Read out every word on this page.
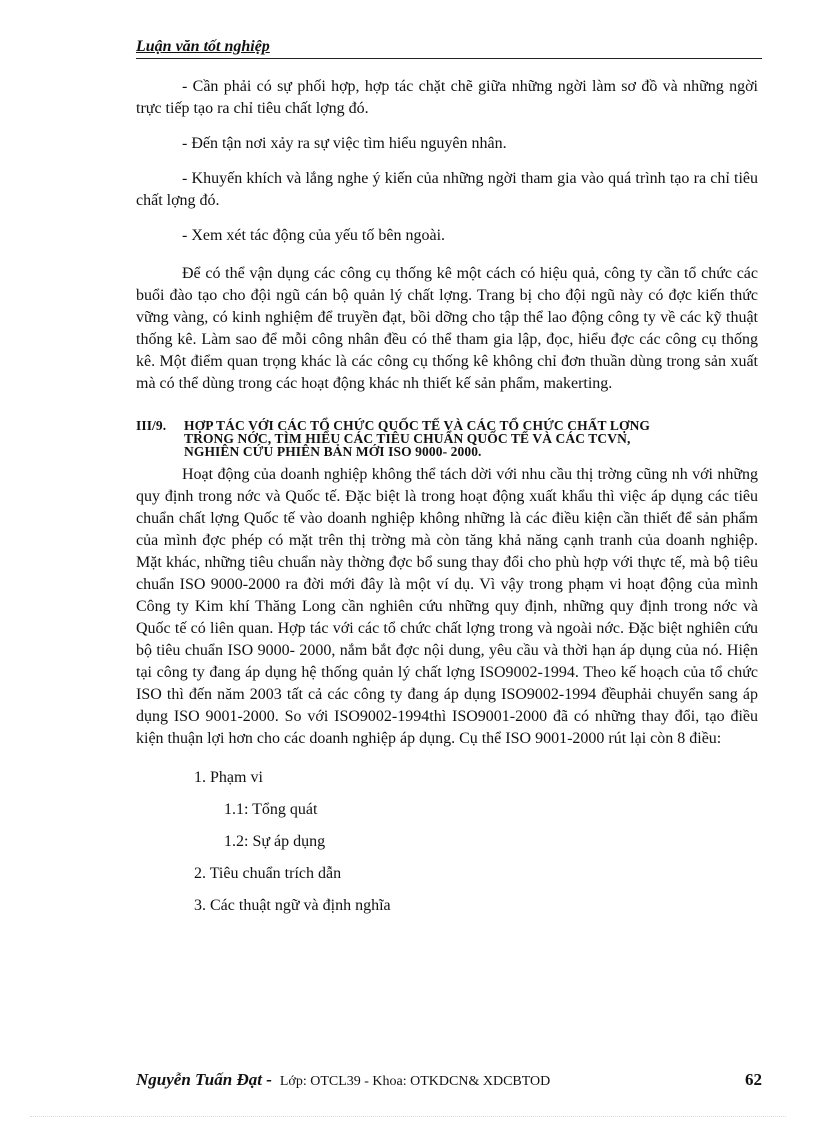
Luận văn tốt nghiệp

- Cần phải có sự phối hợp, hợp tác chặt chẽ giữa những ngời làm sơ đồ và những ngời trực tiếp tạo ra chỉ tiêu chất lợng đó.

- Đến tận nơi xảy ra sự việc tìm hiểu nguyên nhân.

- Khuyến khích và lắng nghe ý kiến của những ngời tham gia vào quá trình tạo ra chỉ tiêu chất lợng đó.

- Xem xét tác động của yếu tố bên ngoài.

Để có thể vận dụng các công cụ thống kê một cách có hiệu quả, công ty cần tổ chức các buổi đào tạo cho đội ngũ cán bộ quản lý chất lợng. Trang bị cho đội ngũ này có đợc kiến thức vững vàng, có kinh nghiệm để truyền đạt, bồi dỡng cho tập thể lao động công ty về các kỹ thuật thống kê. Làm sao để mỗi công nhân đều có thể tham gia lập, đọc, hiểu đợc các công cụ thống kê. Một điểm quan trọng khác là các công cụ thống kê không chỉ đơn thuần dùng trong sản xuất mà có thể dùng trong các hoạt động khác nh thiết kế sản phẩm, makerting.

III/9. HỢP TÁC VỚI CÁC TỔ CHỨC QUỐC TẾ VÀ CÁC TỔ CHỨC CHẤT LỢNG
TRONG NỚC, TÌM HIỂU CÁC TIÊU CHUẨN QUỐC TẾ VÀ CÁC TCVN,
NGHIÊN CỨU PHIÊN BẢN MỚI ISO 9000- 2000.

Hoạt động của doanh nghiệp không thể tách dời với nhu cầu thị trờng cũng nh với những quy định trong nớc và Quốc tế. Đặc biệt là trong hoạt động xuất khẩu thì việc áp dụng các tiêu chuẩn chất lợng Quốc tế vào doanh nghiệp không những là các điều kiện cần thiết để sản phẩm của mình đợc phép có mặt trên thị trờng mà còn tăng khả năng cạnh tranh của doanh nghiệp. Mặt khác, những tiêu chuẩn này thờng đợc bổ sung thay đổi cho phù hợp với thực tế, mà bộ tiêu chuẩn ISO 9000-2000 ra đời mới đây là một ví dụ. Vì vậy trong phạm vi hoạt động của mình Công ty Kim khí Thăng Long cần nghiên cứu những quy định, những quy định trong nớc và Quốc tế có liên quan. Hợp tác với các tổ chức chất lợng trong và ngoài nớc. Đặc biệt nghiên cứu bộ tiêu chuẩn ISO 9000- 2000, nắm bắt đợc nội dung, yêu cầu và thời hạn áp dụng của nó. Hiện tại công ty đang áp dụng hệ thống quản lý chất lợng ISO9002-1994. Theo kế hoạch của tổ chức ISO thì đến năm 2003 tất cả các công ty đang áp dụng ISO9002-1994 đềuphải chuyển sang áp dụng ISO 9001-2000. So với ISO9002-1994thì ISO9001-2000 đã có những thay đổi, tạo điều kiện thuận lợi hơn cho các doanh nghiệp áp dụng. Cụ thể ISO 9001-2000 rút lại còn 8 điều:

1. Phạm vi
1.1: Tổng quát
1.2: Sự áp dụng
2. Tiêu chuẩn trích dẫn
3. Các thuật ngữ và định nghĩa
Nguyễn Tuấn Đạt - Lớp: OTCL39 - Khoa: OTKDCN& XDCBTOD	62
